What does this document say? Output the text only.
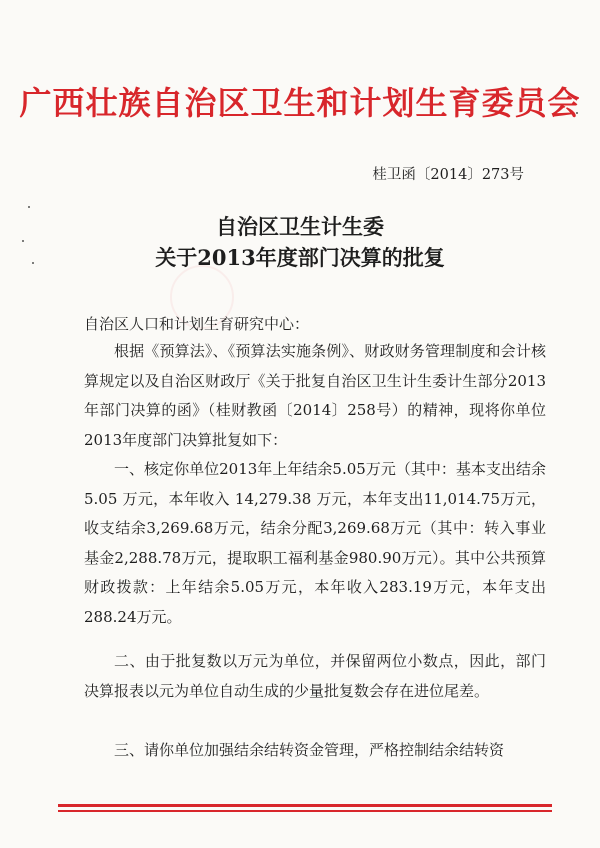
广西壮族自治区卫生和计划生育委员会
桂卫函〔2014〕273号
自治区卫生计生委
关于2013年度部门决算的批复
自治区人口和计划生育研究中心：

根据《预算法》、《预算法实施条例》、财政财务管理制度和会计核算规定以及自治区财政厅《关于批复自治区卫生计生委计生部分2013年部门决算的函》（桂财教函〔2014〕258号）的精神，现将你单位2013年度部门决算批复如下：

一、核定你单位2013年上年结余5.05万元（其中：基本支出结余 5.05 万元，本年收入 14,279.38 万元，本年支出11,014.75万元，收支结余3,269.68万元，结余分配3,269.68万元（其中：转入事业基金2,288.78万元，提取职工福利基金980.90万元）。其中公共预算财政拨款：上年结余5.05万元，本年收入283.19万元，本年支出288.24万元。

二、由于批复数以万元为单位，并保留两位小数点，因此，部门决算报表以元为单位自动生成的少量批复数会存在进位尾差。

三、请你单位加强结余结转资金管理，严格控制结余结转资
